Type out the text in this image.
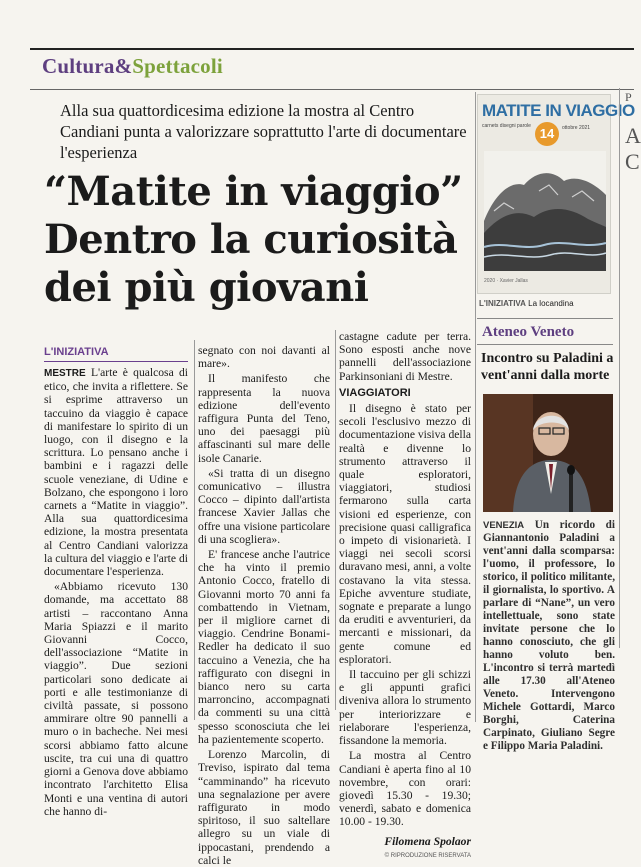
Cultura&Spettacoli
Alla sua quattordicesima edizione la mostra al Centro Candiani punta a valorizzare soprattutto l'arte di documentare l'esperienza
“Matite in viaggio”
Dentro la curiosità
dei più giovani
L'INIZIATIVA

MESTRE L'arte è qualcosa di etico, che invita a riflettere. Se si esprime attraverso un taccuino da viaggio è capace di manifestare lo spirito di un luogo, con il disegno e la scrittura. Lo pensano anche i bambini e i ragazzi delle scuole veneziane, di Udine e Bolzano, che espongono i loro carnets a “Matite in viaggio”. Alla sua quattordicesima edizione, la mostra presentata al Centro Candiani valorizza la cultura del viaggio e l'arte di documentare l'esperienza.

«Abbiamo ricevuto 130 domande, ma accettato 88 artisti – raccontano Anna Maria Spiazzi e il marito Giovanni Cocco, dell'associazione “Matite in viaggio”. Due sezioni particolari sono dedicate ai porti e alle testimonianze di civiltà passate, si possono ammirare oltre 90 pannelli a muro o in bacheche. Nei mesi scorsi abbiamo fatto alcune uscite, tra cui una di quattro giorni a Genova dove abbiamo incontrato l'architetto Elisa Monti e una ventina di autori che hanno di-

segnato con noi davanti al mare».

Il manifesto che rappresenta la nuova edizione dell'evento raffigura Punta del Teno, uno dei paesaggi più affascinanti sul mare delle isole Canarie.

«Si tratta di un disegno comunicativo – illustra Cocco – dipinto dall'artista francese Xavier Jallas che offre una visione particolare di una scogliera».

E' francese anche l'autrice che ha vinto il premio Antonio Cocco, fratello di Giovanni morto 70 anni fa combattendo in Vietnam, per il migliore carnet di viaggio. Cendrine Bonami-Redler ha dedicato il suo taccuino a Venezia, che ha raffigurato con disegni in bianco nero su carta marroncino, accompagnati da commenti su una città spesso sconosciuta che lei ha pazientemente scoperto.

Lorenzo Marcolin, di Treviso, ispirato dal tema “camminando” ha ricevuto una segnalazione per avere raffigurato in modo spiritoso, il suo saltellare allegro su un viale di ippocastani, prendendo a calci le

castagne cadute per terra. Sono esposti anche nove pannelli dell'associazione Parkinsoniani di Mestre.

VIAGGIATORI

Il disegno è stato per secoli l'esclusivo mezzo di documentazione visiva della realtà e divenne lo strumento attraverso il quale esploratori, viaggiatori, studiosi fermarono sulla carta visioni ed esperienze, con precisione quasi calligrafica o impeto di visionarietà. I viaggi nei secoli scorsi duravano mesi, anni, a volte costavano la vita stessa. Epiche avventure studiate, sognate e preparate a lungo da eruditi e avventurieri, da mercanti e missionari, da gente comune ed esploratori.

Il taccuino per gli schizzi e gli appunti grafici diveniva allora lo strumento per interiorizzare e rielaborare l'esperienza, fissandone la memoria.

La mostra al Centro Candiani è aperta fino al 10 novembre, con orari: giovedì 15.30 - 19.30; venerdì, sabato e domenica 10.00 - 19.30.

Filomena Spolaor

© RIPRODUZIONE RISERVATA

MATITE IN VIAGGIO
carnets disegni parole 14	ottobre 2021
2020 · Xavier Jallas
L'INIZIATIVA La locandina
Ateneo Veneto
Incontro su Paladini a vent'anni dalla morte
VENEZIA Un ricordo di Giannantonio Paladini a vent'anni dalla scomparsa: l'uomo, il professore, lo storico, il politico militante, il giornalista, lo sportivo. A parlare di “Nane”, un vero intellettuale, sono state invitate persone che lo hanno conosciuto, che gli hanno voluto ben. L'incontro si terrà martedì alle 17.30 all'Ateneo Veneto. Intervengono Michele Gottardi, Marco Borghi, Caterina Carpinato, Giuliano Segre e Filippo Maria Paladini.
P
A
C
